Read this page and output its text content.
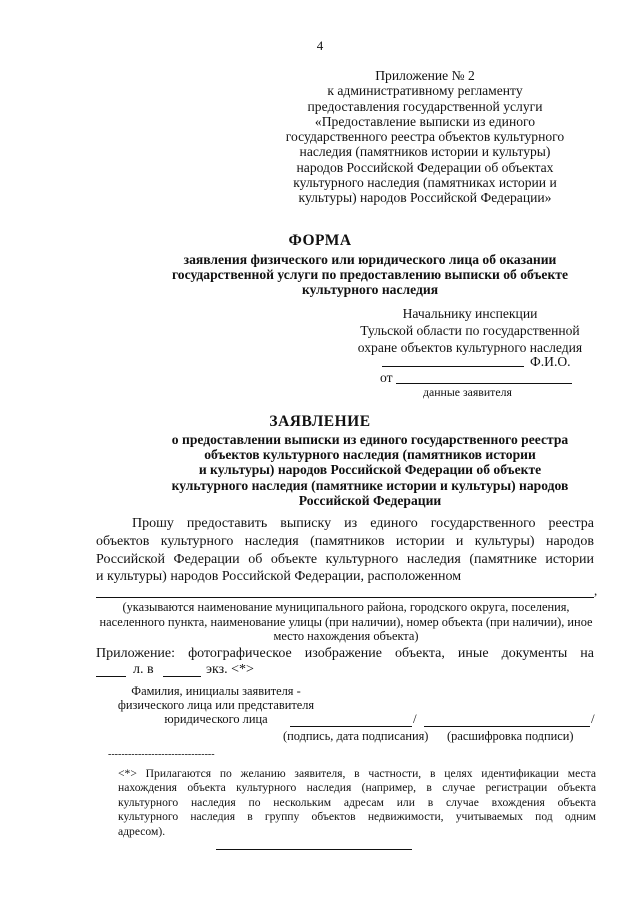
4
Приложение № 2
к административному регламенту
предоставления государственной услуги
«Предоставление выписки из единого
государственного реестра объектов культурного
наследия (памятников истории и культуры)
народов Российской Федерации об объектах
культурного наследия (памятниках истории и
культуры) народов Российской Федерации»
ФОРМА
заявления физического или юридического лица об оказании
государственной услуги по предоставлению выписки об объекте
культурного наследия
Начальнику инспекции
Тульской области по государственной
охране объектов культурного наследия
Ф.И.О.
от
данные заявителя
ЗАЯВЛЕНИЕ
о предоставлении выписки из единого государственного реестра
объектов культурного наследия (памятников истории
и культуры) народов Российской Федерации об объекте
культурного наследия (памятнике истории и культуры) народов
Российской Федерации
Прошу предоставить выписку из единого государственного реестра
объектов культурного наследия (памятников истории и культуры) народов
Российской Федерации об объекте культурного наследия (памятнике истории
и культуры) народов Российской Федерации, расположенном
,
(указываются наименование муниципального района, городского округа, поселения, населенного пункта, наименование улицы (при наличии), номер объекта (при наличии), иное место нахождения объекта)
Приложение: фотографическое изображение объекта, иные документы на
л. в	экз. <*>
Фамилия, инициалы заявителя -
физического лица или представителя
юридического лица	/	/
(подпись, дата подписания) (расшифровка подписи)
--------------------------------
<*> Прилагаются по желанию заявителя, в частности, в целях идентификации места
нахождения объекта культурного наследия (например, в случае регистрации объекта
культурного наследия по нескольким адресам или в случае вхождения объекта
культурного наследия в группу объектов недвижимости, учитываемых под одним
адресом).
